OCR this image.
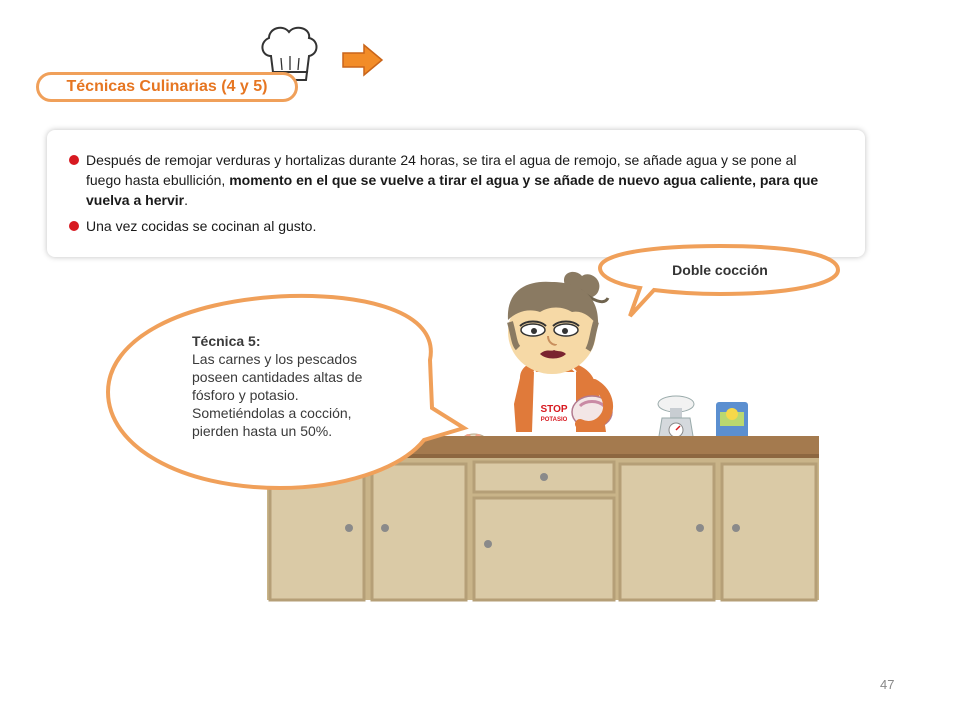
Técnicas Culinarias (4 y 5)
Después de remojar verduras y hortalizas durante 24 horas, se tira el agua de remojo, se añade agua y se pone al fuego hasta ebullición, momento en el que se vuelve a tirar el agua y se añade de nuevo agua caliente, para que vuelva a hervir.
Una vez cocidas se cocinan al gusto.
STOP
POTASIO
Doble cocción
Técnica 5:
Las carnes y los pescados poseen cantidades altas de fósforo y potasio. Sometiéndolas a cocción, pierden hasta un 50%.
47
